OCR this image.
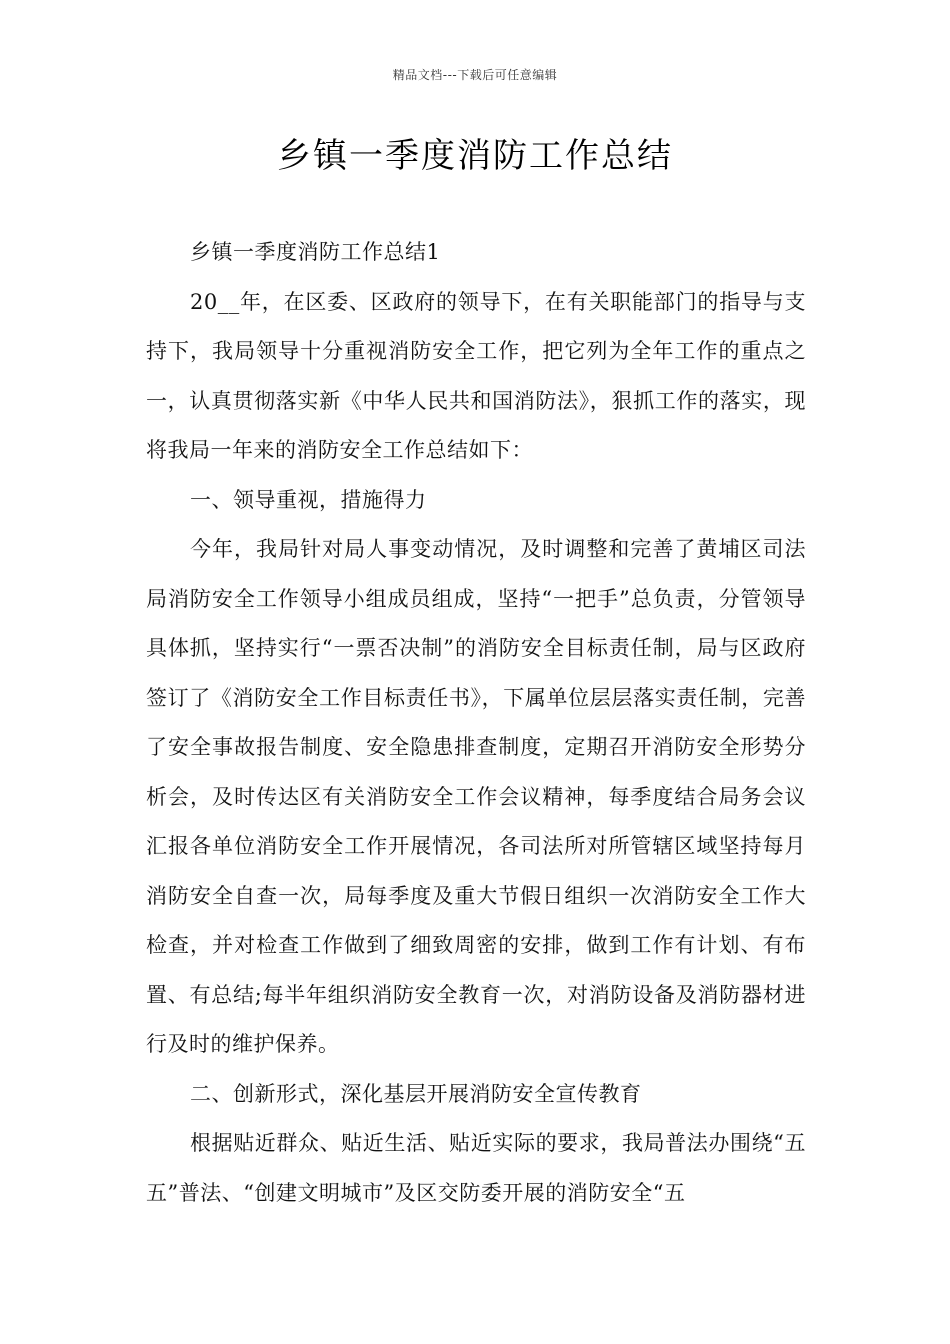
精品文档---下载后可任意编辑
乡镇一季度消防工作总结

乡镇一季度消防工作总结1

20__年，在区委、区政府的领导下，在有关职能部门的指导与支持下，我局领导十分重视消防安全工作，把它列为全年工作的重点之一，认真贯彻落实新《中华人民共和国消防法》，狠抓工作的落实，现将我局一年来的消防安全工作总结如下：

一、领导重视，措施得力

今年，我局针对局人事变动情况，及时调整和完善了黄埔区司法局消防安全工作领导小组成员组成，坚持“一把手”总负责，分管领导具体抓，坚持实行“一票否决制”的消防安全目标责任制，局与区政府签订了《消防安全工作目标责任书》，下属单位层层落实责任制，完善了安全事故报告制度、安全隐患排查制度，定期召开消防安全形势分析会，及时传达区有关消防安全工作会议精神，每季度结合局务会议汇报各单位消防安全工作开展情况，各司法所对所管辖区域坚持每月消防安全自查一次，局每季度及重大节假日组织一次消防安全工作大检查，并对检查工作做到了细致周密的安排，做到工作有计划、有布置、有总结;每半年组织消防安全教育一次，对消防设备及消防器材进行及时的维护保养。

二、创新形式，深化基层开展消防安全宣传教育

根据贴近群众、贴近生活、贴近实际的要求，我局普法办围绕“五五”普法、“创建文明城市”及区交防委开展的消防安全“五
